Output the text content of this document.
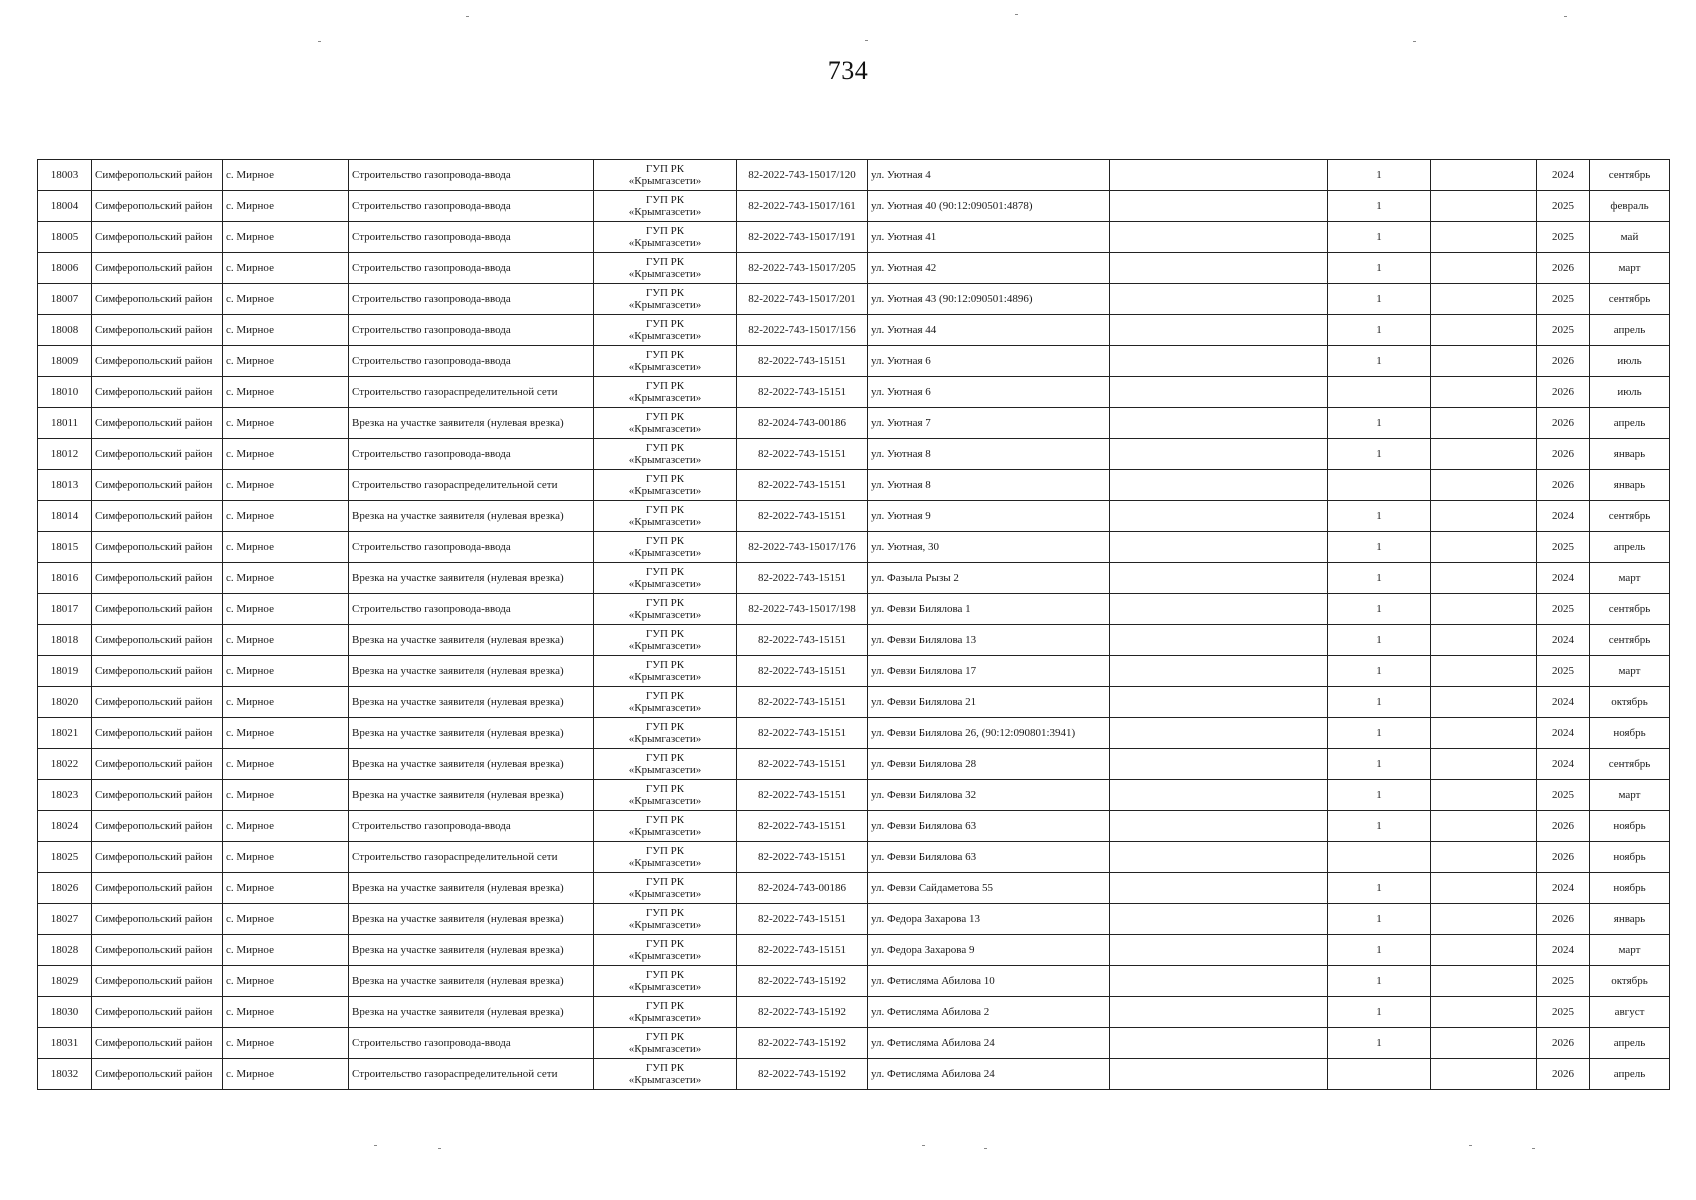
734
18003	Симферопольский район	с. Мирное	Строительство газопровода-ввода	ГУП РК
«Крымгазсети»	82-2022-743-15017/120	ул. Уютная 4		1		2024	сентябрь
18004	Симферопольский район	с. Мирное	Строительство газопровода-ввода	ГУП РК
«Крымгазсети»	82-2022-743-15017/161	ул. Уютная 40 (90:12:090501:4878)		1		2025	февраль
18005	Симферопольский район	с. Мирное	Строительство газопровода-ввода	ГУП РК
«Крымгазсети»	82-2022-743-15017/191	ул. Уютная 41		1		2025	май
18006	Симферопольский район	с. Мирное	Строительство газопровода-ввода	ГУП РК
«Крымгазсети»	82-2022-743-15017/205	ул. Уютная 42		1		2026	март
18007	Симферопольский район	с. Мирное	Строительство газопровода-ввода	ГУП РК
«Крымгазсети»	82-2022-743-15017/201	ул. Уютная 43 (90:12:090501:4896)		1		2025	сентябрь
18008	Симферопольский район	с. Мирное	Строительство газопровода-ввода	ГУП РК
«Крымгазсети»	82-2022-743-15017/156	ул. Уютная 44		1		2025	апрель
18009	Симферопольский район	с. Мирное	Строительство газопровода-ввода	ГУП РК
«Крымгазсети»	82-2022-743-15151	ул. Уютная 6		1		2026	июль
18010	Симферопольский район	с. Мирное	Строительство газораспределительной сети	ГУП РК
«Крымгазсети»	82-2022-743-15151	ул. Уютная 6				2026	июль
18011	Симферопольский район	с. Мирное	Врезка на участке заявителя (нулевая врезка)	ГУП РК
«Крымгазсети»	82-2024-743-00186	ул. Уютная 7		1		2026	апрель
18012	Симферопольский район	с. Мирное	Строительство газопровода-ввода	ГУП РК
«Крымгазсети»	82-2022-743-15151	ул. Уютная 8		1		2026	январь
18013	Симферопольский район	с. Мирное	Строительство газораспределительной сети	ГУП РК
«Крымгазсети»	82-2022-743-15151	ул. Уютная 8				2026	январь
18014	Симферопольский район	с. Мирное	Врезка на участке заявителя (нулевая врезка)	ГУП РК
«Крымгазсети»	82-2022-743-15151	ул. Уютная 9		1		2024	сентябрь
18015	Симферопольский район	с. Мирное	Строительство газопровода-ввода	ГУП РК
«Крымгазсети»	82-2022-743-15017/176	ул. Уютная, 30		1		2025	апрель
18016	Симферопольский район	с. Мирное	Врезка на участке заявителя (нулевая врезка)	ГУП РК
«Крымгазсети»	82-2022-743-15151	ул. Фазыла Рызы 2		1		2024	март
18017	Симферопольский район	с. Мирное	Строительство газопровода-ввода	ГУП РК
«Крымгазсети»	82-2022-743-15017/198	ул. Февзи Билялова 1		1		2025	сентябрь
18018	Симферопольский район	с. Мирное	Врезка на участке заявителя (нулевая врезка)	ГУП РК
«Крымгазсети»	82-2022-743-15151	ул. Февзи Билялова 13		1		2024	сентябрь
18019	Симферопольский район	с. Мирное	Врезка на участке заявителя (нулевая врезка)	ГУП РК
«Крымгазсети»	82-2022-743-15151	ул. Февзи Билялова 17		1		2025	март
18020	Симферопольский район	с. Мирное	Врезка на участке заявителя (нулевая врезка)	ГУП РК
«Крымгазсети»	82-2022-743-15151	ул. Февзи Билялова 21		1		2024	октябрь
18021	Симферопольский район	с. Мирное	Врезка на участке заявителя (нулевая врезка)	ГУП РК
«Крымгазсети»	82-2022-743-15151	ул. Февзи Билялова 26, (90:12:090801:3941)		1		2024	ноябрь
18022	Симферопольский район	с. Мирное	Врезка на участке заявителя (нулевая врезка)	ГУП РК
«Крымгазсети»	82-2022-743-15151	ул. Февзи Билялова 28		1		2024	сентябрь
18023	Симферопольский район	с. Мирное	Врезка на участке заявителя (нулевая врезка)	ГУП РК
«Крымгазсети»	82-2022-743-15151	ул. Февзи Билялова 32		1		2025	март
18024	Симферопольский район	с. Мирное	Строительство газопровода-ввода	ГУП РК
«Крымгазсети»	82-2022-743-15151	ул. Февзи Билялова 63		1		2026	ноябрь
18025	Симферопольский район	с. Мирное	Строительство газораспределительной сети	ГУП РК
«Крымгазсети»	82-2022-743-15151	ул. Февзи Билялова 63				2026	ноябрь
18026	Симферопольский район	с. Мирное	Врезка на участке заявителя (нулевая врезка)	ГУП РК
«Крымгазсети»	82-2024-743-00186	ул. Февзи Сайдаметова 55		1		2024	ноябрь
18027	Симферопольский район	с. Мирное	Врезка на участке заявителя (нулевая врезка)	ГУП РК
«Крымгазсети»	82-2022-743-15151	ул. Федора Захарова 13		1		2026	январь
18028	Симферопольский район	с. Мирное	Врезка на участке заявителя (нулевая врезка)	ГУП РК
«Крымгазсети»	82-2022-743-15151	ул. Федора Захарова 9		1		2024	март
18029	Симферопольский район	с. Мирное	Врезка на участке заявителя (нулевая врезка)	ГУП РК
«Крымгазсети»	82-2022-743-15192	ул. Фетисляма Абилова 10		1		2025	октябрь
18030	Симферопольский район	с. Мирное	Врезка на участке заявителя (нулевая врезка)	ГУП РК
«Крымгазсети»	82-2022-743-15192	ул. Фетисляма Абилова 2		1		2025	август
18031	Симферопольский район	с. Мирное	Строительство газопровода-ввода	ГУП РК
«Крымгазсети»	82-2022-743-15192	ул. Фетисляма Абилова 24		1		2026	апрель
18032	Симферопольский район	с. Мирное	Строительство газораспределительной сети	ГУП РК
«Крымгазсети»	82-2022-743-15192	ул. Фетисляма Абилова 24				2026	апрель
